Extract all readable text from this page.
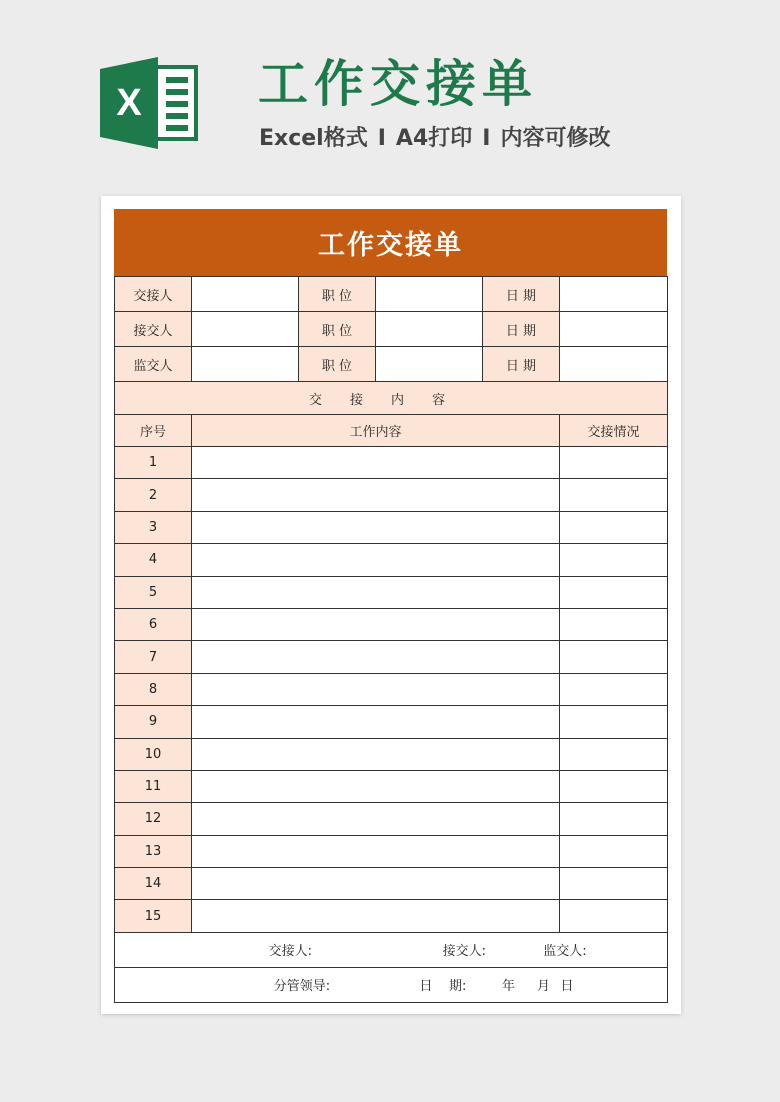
X 工作交接单
Excel格式 I A4打印 I 内容可修改
工作交接单
交接人		职 位		日 期	
接交人		职 位		日 期	
监交人		职 位		日 期	
交接内容					
序号	工作内容				交接情况
1					
2					
3					
4					
5					
6					
7					
8					
9					
10					
11					
12					
13					
14					
15					
交接人: 接交人: 监交人:					
分管领导: 日    期: 年 月 日					
